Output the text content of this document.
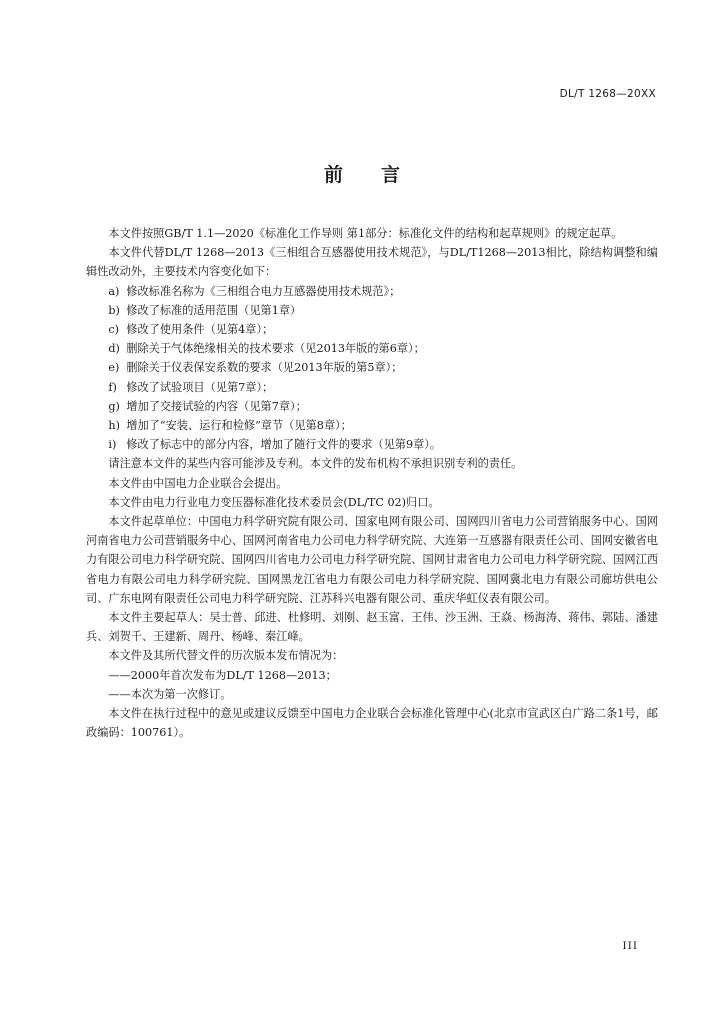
DL/T 1268—20XX
前 言

本文件按照GB/T 1.1—2020《标准化工作导则 第1部分：标准化文件的结构和起草规则》的规定起草。

本文件代替DL/T 1268—2013《三相组合互感器使用技术规范》，与DL/T1268—2013相比，除结构调整和编辑性改动外，主要技术内容变化如下：

a) 修改标准名称为《三相组合电力互感器使用技术规范》；
b) 修改了标准的适用范围（见第1章）
c) 修改了使用条件（见第4章）；
d) 删除关于气体绝缘相关的技术要求（见2013年版的第6章）；
e) 删除关于仪表保安系数的要求（见2013年版的第5章）；
f) 修改了试验项目（见第7章）；
g) 增加了交接试验的内容（见第7章）；
h) 增加了“安装、运行和检修”章节（见第8章）；
i) 修改了标志中的部分内容，增加了随行文件的要求（见第9章）。

请注意本文件的某些内容可能涉及专利。本文件的发布机构不承担识别专利的责任。

本文件由中国电力企业联合会提出。

本文件由电力行业电力变压器标准化技术委员会(DL/TC 02)归口。

本文件起草单位：中国电力科学研究院有限公司、国家电网有限公司、国网四川省电力公司营销服务中心、国网河南省电力公司营销服务中心、国网河南省电力公司电力科学研究院、大连第一互感器有限责任公司、国网安徽省电力有限公司电力科学研究院、国网四川省电力公司电力科学研究院、国网甘肃省电力公司电力科学研究院、国网江西省电力有限公司电力科学研究院、国网黑龙江省电力有限公司电力科学研究院、国网冀北电力有限公司廊坊供电公司、广东电网有限责任公司电力科学研究院、江苏科兴电器有限公司、重庆华虹仪表有限公司。

本文件主要起草人：吴士普、邱进、杜修明、刘刚、赵玉富、王伟、沙玉洲、王焱、杨海涛、蒋伟、郭陆、潘建兵、刘贺千、王建新、周丹、杨峰、秦江峰。

本文件及其所代替文件的历次版本发布情况为：

——2000年首次发布为DL/T 1268—2013；

——本次为第一次修订。

本文件在执行过程中的意见或建议反馈至中国电力企业联合会标准化管理中心(北京市宣武区白广路二条1号，邮政编码：100761）。

III
